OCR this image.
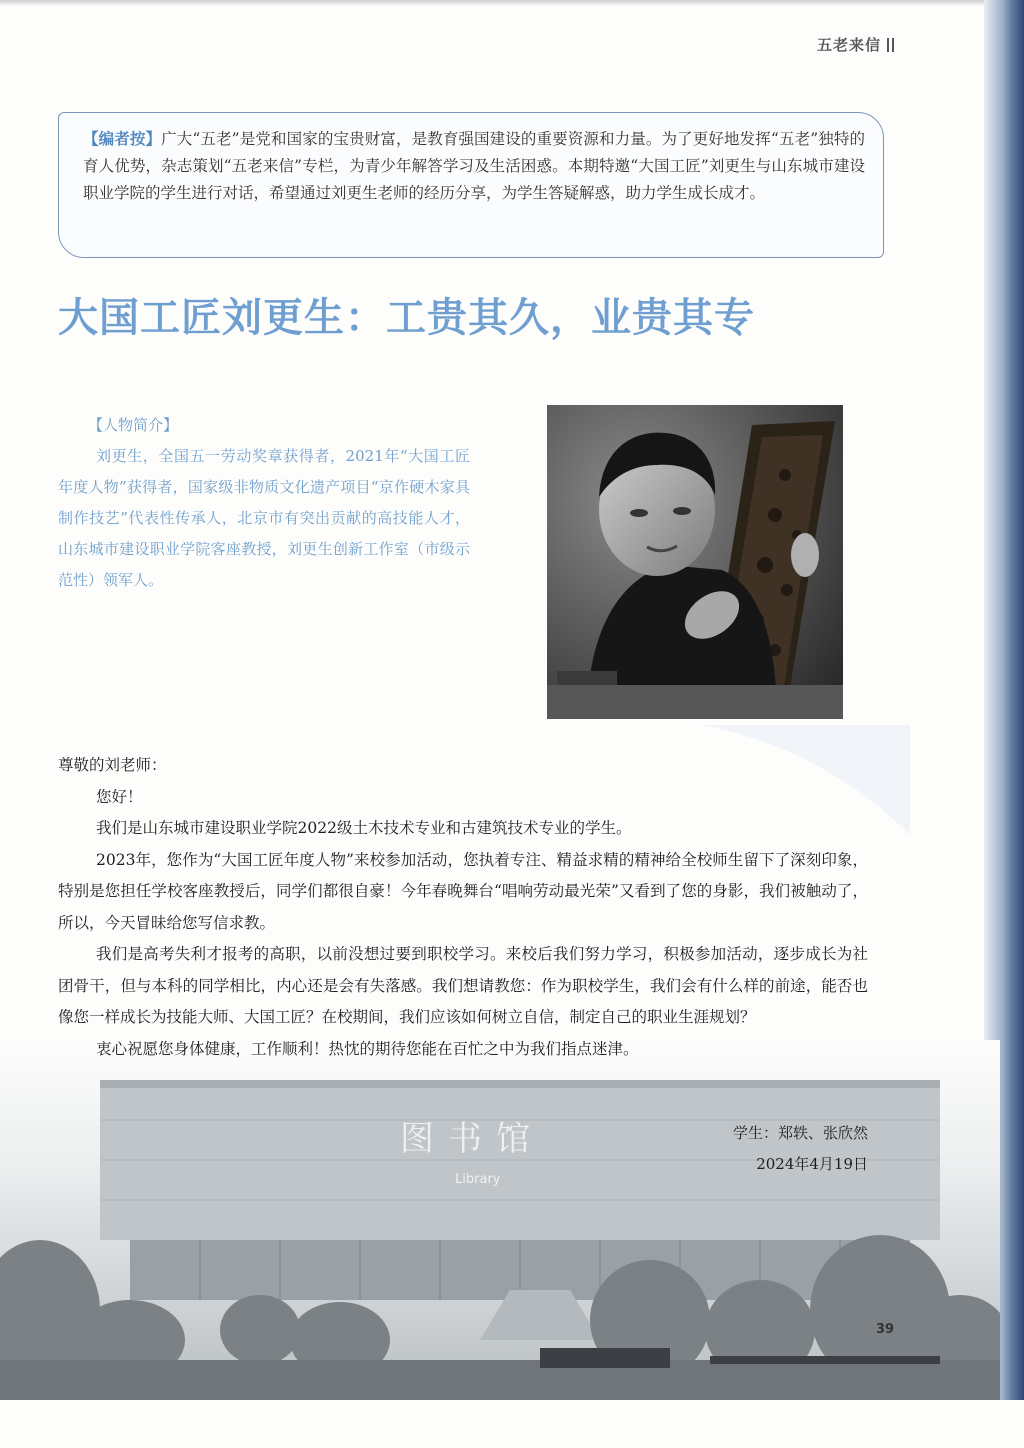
五老来信
【编者按】广大“五老”是党和国家的宝贵财富，是教育强国建设的重要资源和力量。为了更好地发挥“五老”独特的育人优势，杂志策划“五老来信”专栏，为青少年解答学习及生活困惑。本期特邀“大国工匠”刘更生与山东城市建设职业学院的学生进行对话，希望通过刘更生老师的经历分享，为学生答疑解惑，助力学生成长成才。
大国工匠刘更生：工贵其久，业贵其专
【人物简介】
刘更生，全国五一劳动奖章获得者，2021年“大国工匠年度人物”获得者，国家级非物质文化遗产项目“京作硬木家具制作技艺”代表性传承人，北京市有突出贡献的高技能人才，山东城市建设职业学院客座教授，刘更生创新工作室（市级示范性）领军人。
图书馆
Library

尊敬的刘老师：

您好！

我们是山东城市建设职业学院2022级土木技术专业和古建筑技术专业的学生。

2023年，您作为“大国工匠年度人物”来校参加活动，您执着专注、精益求精的精神给全校师生留下了深刻印象，特别是您担任学校客座教授后，同学们都很自豪！今年春晚舞台“唱响劳动最光荣”又看到了您的身影，我们被触动了，所以，今天冒昧给您写信求教。

我们是高考失利才报考的高职，以前没想过要到职校学习。来校后我们努力学习，积极参加活动，逐步成长为社团骨干，但与本科的同学相比，内心还是会有失落感。我们想请教您：作为职校学生，我们会有什么样的前途，能否也像您一样成长为技能大师、大国工匠？在校期间，我们应该如何树立自信，制定自己的职业生涯规划？

衷心祝愿您身体健康，工作顺利！热忱的期待您能在百忙之中为我们指点迷津。

学生：郑轶、张欣然
2024年4月19日
39
